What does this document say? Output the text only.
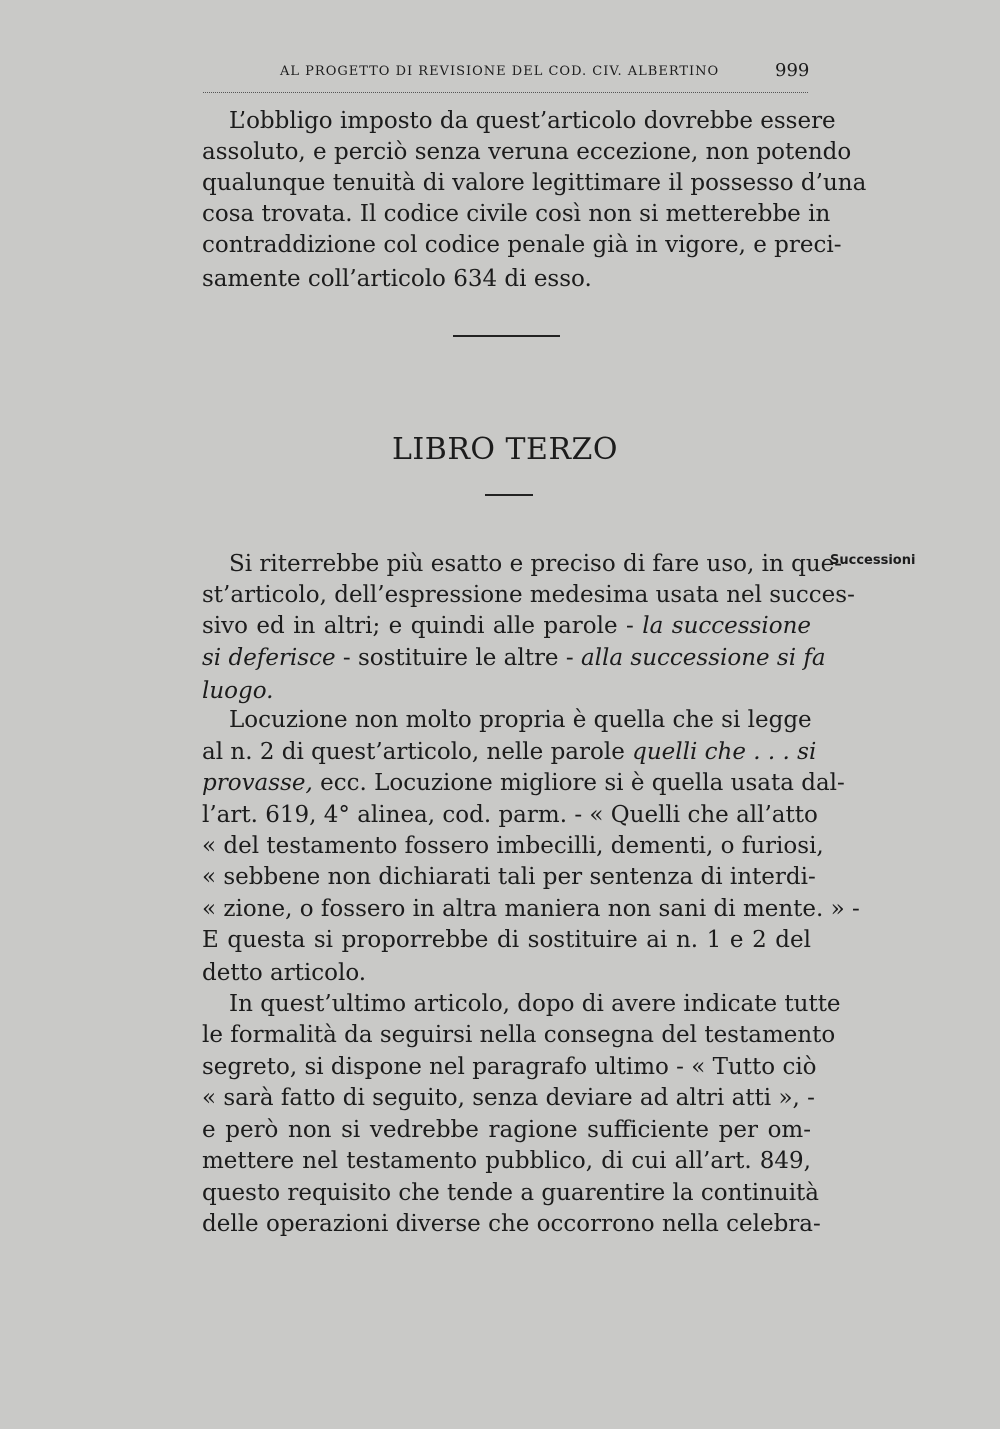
AL PROGETTO DI REVISIONE DEL COD. CIV. ALBERTINO	999
L’obbligo imposto da quest’articolo dovrebbe essere
assoluto, e perciò senza veruna eccezione, non potendo
qualunque tenuità di valore legittimare il possesso d’una
cosa trovata. Il codice civile così non si metterebbe in
contraddizione col codice penale già in vigore, e preci-
samente coll’articolo 634 di esso.
LIBRO TERZO
Successioni
Si riterrebbe più esatto e preciso di fare uso, in que-
st’articolo, dell’espressione medesima usata nel succes-
sivo ed in altri; e quindi alle parole - la successione
si deferisce - sostituire le altre - alla successione si fa
luogo.
Locuzione non molto propria è quella che si legge
al n. 2 di quest’articolo, nelle parole quelli che . . . si
provasse, ecc. Locuzione migliore si è quella usata dal-
l’art. 619, 4° alinea, cod. parm. - « Quelli che all’atto
« del testamento fossero imbecilli, dementi, o furiosi,
« sebbene non dichiarati tali per sentenza di interdi-
« zione, o fossero in altra maniera non sani di mente. » -
E questa si proporrebbe di sostituire ai n. 1 e 2 del
detto articolo.
In quest’ultimo articolo, dopo di avere indicate tutte
le formalità da seguirsi nella consegna del testamento
segreto, si dispone nel paragrafo ultimo - « Tutto ciò
« sarà fatto di seguito, senza deviare ad altri atti », -
e però non si vedrebbe ragione sufficiente per om-
mettere nel testamento pubblico, di cui all’art. 849,
questo requisito che tende a guarentire la continuità
delle operazioni diverse che occorrono nella celebra-
